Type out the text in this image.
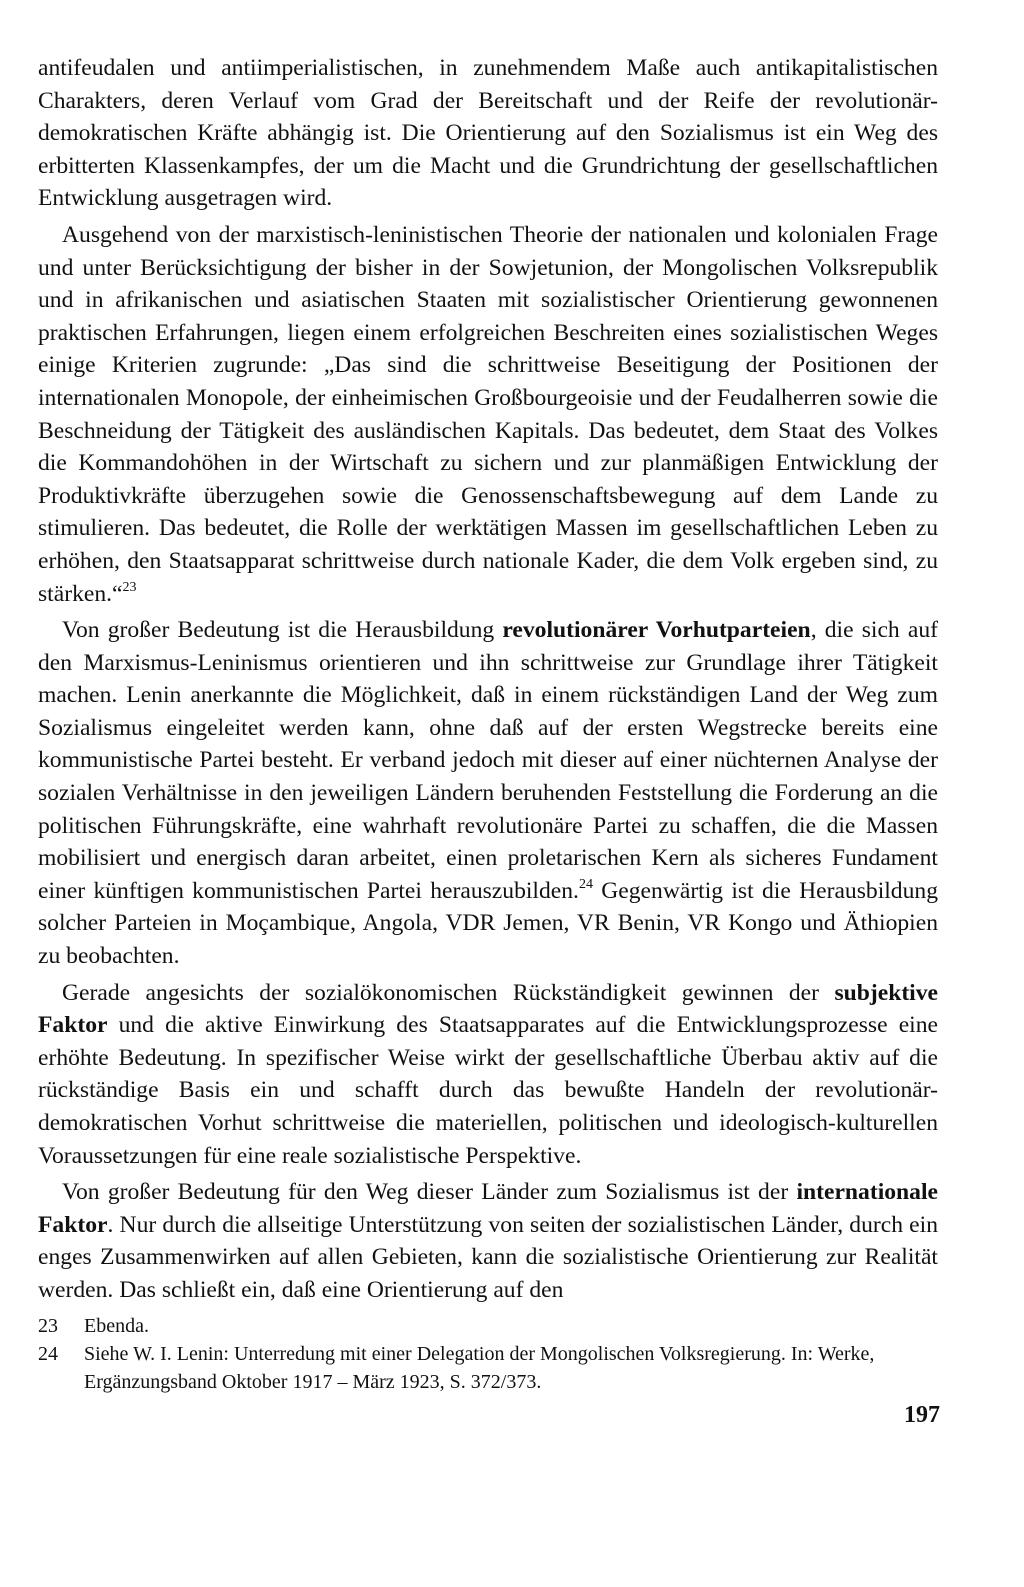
antifeudalen und antiimperialistischen, in zunehmendem Maße auch antikapitalistischen Charakters, deren Verlauf vom Grad der Bereitschaft und der Reife der revolutionär-demokratischen Kräfte abhängig ist. Die Orientierung auf den Sozialismus ist ein Weg des erbitterten Klassenkampfes, der um die Macht und die Grundrichtung der gesellschaftlichen Entwicklung ausgetragen wird.

Ausgehend von der marxistisch-leninistischen Theorie der nationalen und kolonialen Frage und unter Berücksichtigung der bisher in der Sowjetunion, der Mongolischen Volksrepublik und in afrikanischen und asiatischen Staaten mit sozialistischer Orientierung gewonnenen praktischen Erfahrungen, liegen einem erfolgreichen Beschreiten eines sozialistischen Weges einige Kriterien zugrunde: „Das sind die schrittweise Beseitigung der Positionen der internationalen Monopole, der einheimischen Großbourgeoisie und der Feudalherren sowie die Beschneidung der Tätigkeit des ausländischen Kapitals. Das bedeutet, dem Staat des Volkes die Kommandohöhen in der Wirtschaft zu sichern und zur planmäßigen Entwicklung der Produktivkräfte überzugehen sowie die Genossenschaftsbewegung auf dem Lande zu stimulieren. Das bedeutet, die Rolle der werktätigen Massen im gesellschaftlichen Leben zu erhöhen, den Staatsapparat schrittweise durch nationale Kader, die dem Volk ergeben sind, zu stärken.“$^{23}$

Von großer Bedeutung ist die Herausbildung revolutionärer Vorhutparteien, die sich auf den Marxismus-Leninismus orientieren und ihn schrittweise zur Grundlage ihrer Tätigkeit machen. Lenin anerkannte die Möglichkeit, daß in einem rückständigen Land der Weg zum Sozialismus eingeleitet werden kann, ohne daß auf der ersten Wegstrecke bereits eine kommunistische Partei besteht. Er verband jedoch mit dieser auf einer nüchternen Analyse der sozialen Verhältnisse in den jeweiligen Ländern beruhenden Feststellung die Forderung an die politischen Führungskräfte, eine wahrhaft revolutionäre Partei zu schaffen, die die Massen mobilisiert und energisch daran arbeitet, einen proletarischen Kern als sicheres Fundament einer künftigen kommunistischen Partei herauszubilden.$^{24}$ Gegenwärtig ist die Herausbildung solcher Parteien in Moçambique, Angola, VDR Jemen, VR Benin, VR Kongo und Äthiopien zu beobachten.

Gerade angesichts der sozialökonomischen Rückständigkeit gewinnen der subjektive Faktor und die aktive Einwirkung des Staatsapparates auf die Entwicklungsprozesse eine erhöhte Bedeutung. In spezifischer Weise wirkt der gesellschaftliche Überbau aktiv auf die rückständige Basis ein und schafft durch das bewußte Handeln der revolutionär-demokratischen Vorhut schrittweise die materiellen, politischen und ideologisch-kulturellen Voraussetzungen für eine reale sozialistische Perspektive.

Von großer Bedeutung für den Weg dieser Länder zum Sozialismus ist der internationale Faktor. Nur durch die allseitige Unterstützung von seiten der sozialistischen Länder, durch ein enges Zusammenwirken auf allen Gebieten, kann die sozialistische Orientierung zur Realität werden. Das schließt ein, daß eine Orientierung auf den

23	Ebenda.
24	Siehe W. I. Lenin: Unterredung mit einer Delegation der Mongolischen Volksregierung. In: Werke, Ergänzungsband Oktober 1917 – März 1923, S. 372/373.
197
